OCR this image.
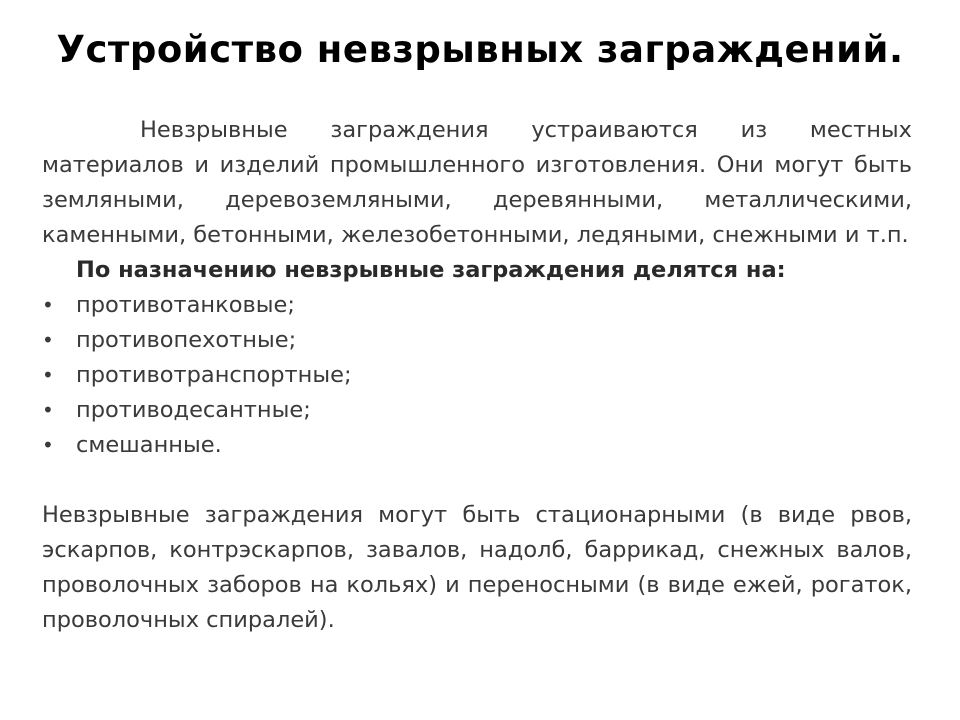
Устройство невзрывных заграждений.

Невзрывные заграждения устраиваются из местных материалов и изделий промышленного изготовления. Они могут быть земляными, деревоземляными, деревянными, металлическими, каменными, бетонными, железобетонными, ледяными, снежными и т.п.

По назначению невзрывные заграждения делятся на:

• противотанковые;
• противопехотные;
• противотранспортные;
• противодесантные;
• смешанные.

Невзрывные заграждения могут быть стационарными (в виде рвов, эскарпов, контрэскарпов, завалов, надолб, баррикад, снежных валов, проволочных заборов на кольях) и переносными (в виде ежей, рогаток, проволочных спиралей).
